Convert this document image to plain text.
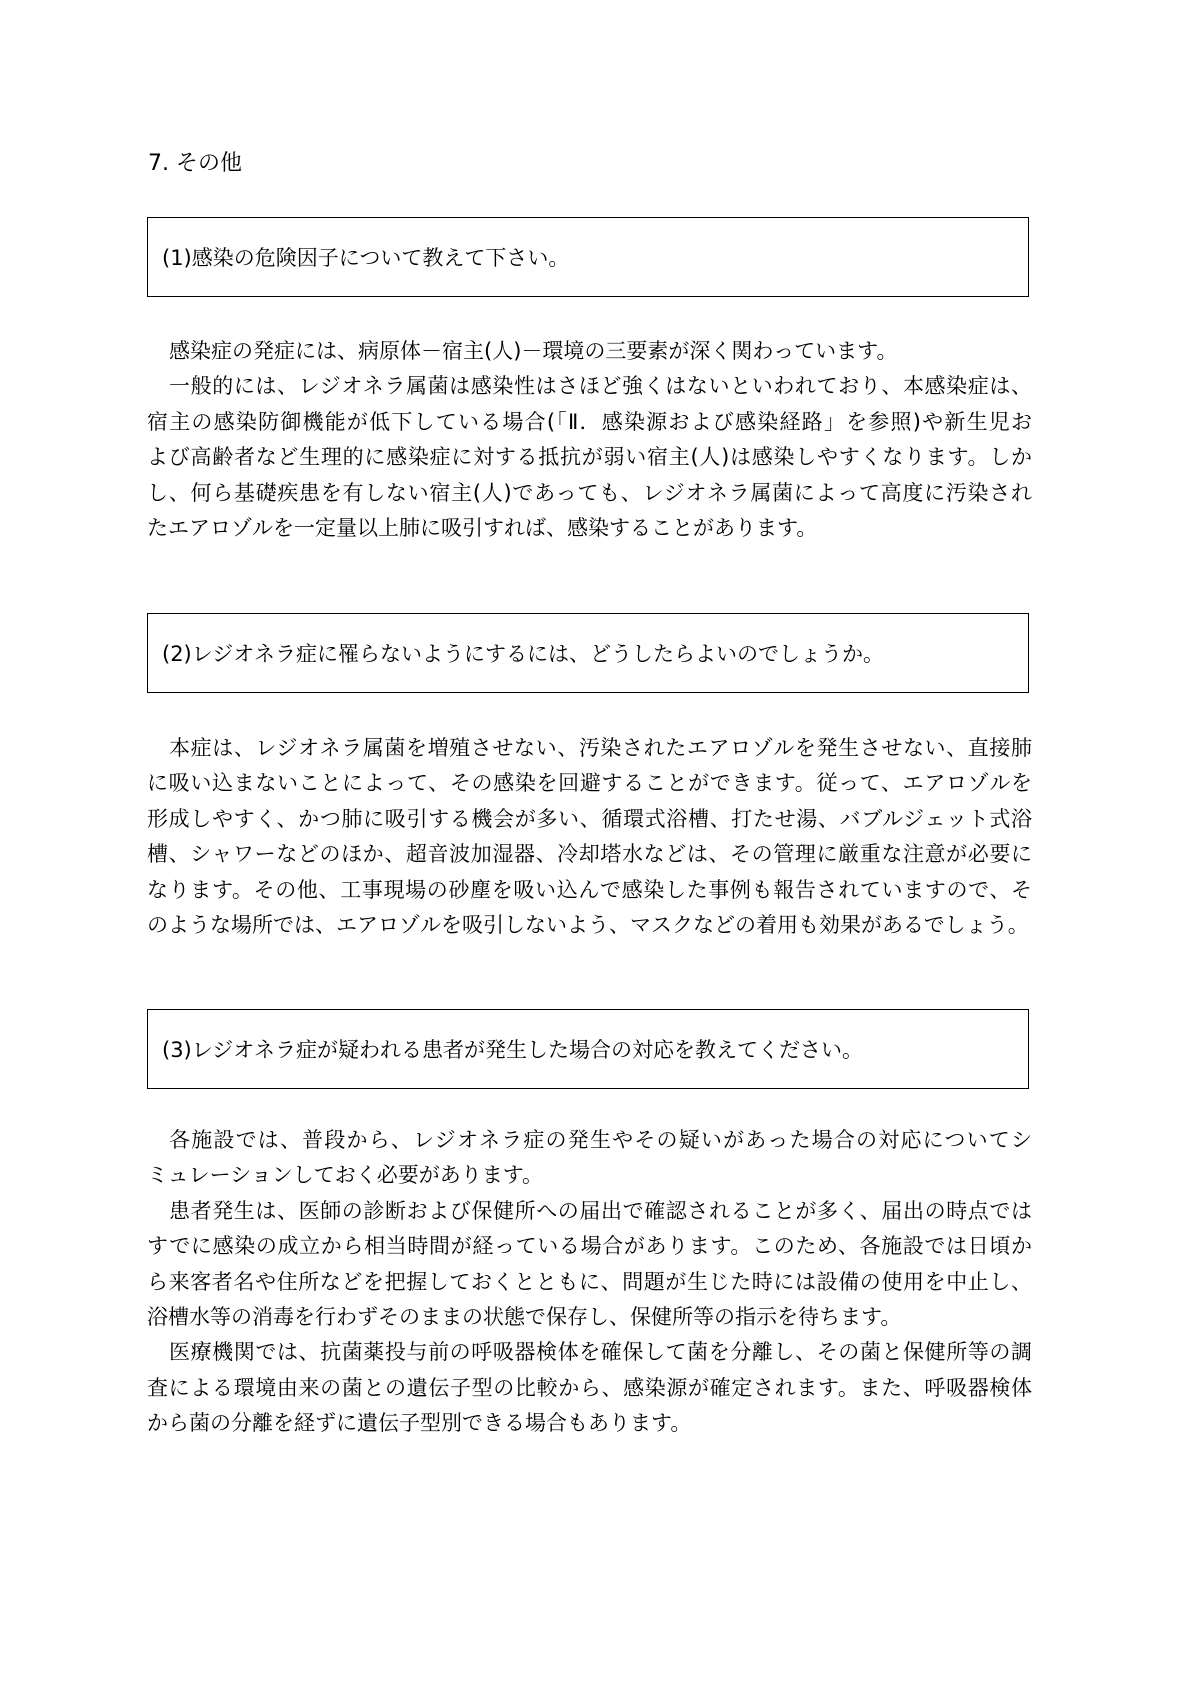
7. その他
(1)感染の危険因子について教えて下さい。
感染症の発症には、病原体－宿主(人)－環境の三要素が深く関わっています。
一般的には、レジオネラ属菌は感染性はさほど強くはないといわれており、本感染症は、
宿主の感染防御機能が低下している場合(「Ⅱ．感染源および感染経路」を参照)や新生児お
よび高齢者など生理的に感染症に対する抵抗が弱い宿主(人)は感染しやすくなります。しか
し、何ら基礎疾患を有しない宿主(人)であっても、レジオネラ属菌によって高度に汚染され
たエアロゾルを一定量以上肺に吸引すれば、感染することがあります。
(2)レジオネラ症に罹らないようにするには、どうしたらよいのでしょうか。
本症は、レジオネラ属菌を増殖させない、汚染されたエアロゾルを発生させない、直接肺
に吸い込まないことによって、その感染を回避することができます。従って、エアロゾルを
形成しやすく、かつ肺に吸引する機会が多い、循環式浴槽、打たせ湯、バブルジェット式浴
槽、シャワーなどのほか、超音波加湿器、冷却塔水などは、その管理に厳重な注意が必要に
なります。その他、工事現場の砂塵を吸い込んで感染した事例も報告されていますので、そ
のような場所では、エアロゾルを吸引しないよう、マスクなどの着用も効果があるでしょう。
(3)レジオネラ症が疑われる患者が発生した場合の対応を教えてください。
各施設では、普段から、レジオネラ症の発生やその疑いがあった場合の対応についてシ
ミュレーションしておく必要があります。
患者発生は、医師の診断および保健所への届出で確認されることが多く、届出の時点では
すでに感染の成立から相当時間が経っている場合があります。このため、各施設では日頃か
ら来客者名や住所などを把握しておくとともに、問題が生じた時には設備の使用を中止し、
浴槽水等の消毒を行わずそのままの状態で保存し、保健所等の指示を待ちます。
医療機関では、抗菌薬投与前の呼吸器検体を確保して菌を分離し、その菌と保健所等の調
査による環境由来の菌との遺伝子型の比較から、感染源が確定されます。また、呼吸器検体
から菌の分離を経ずに遺伝子型別できる場合もあります。
